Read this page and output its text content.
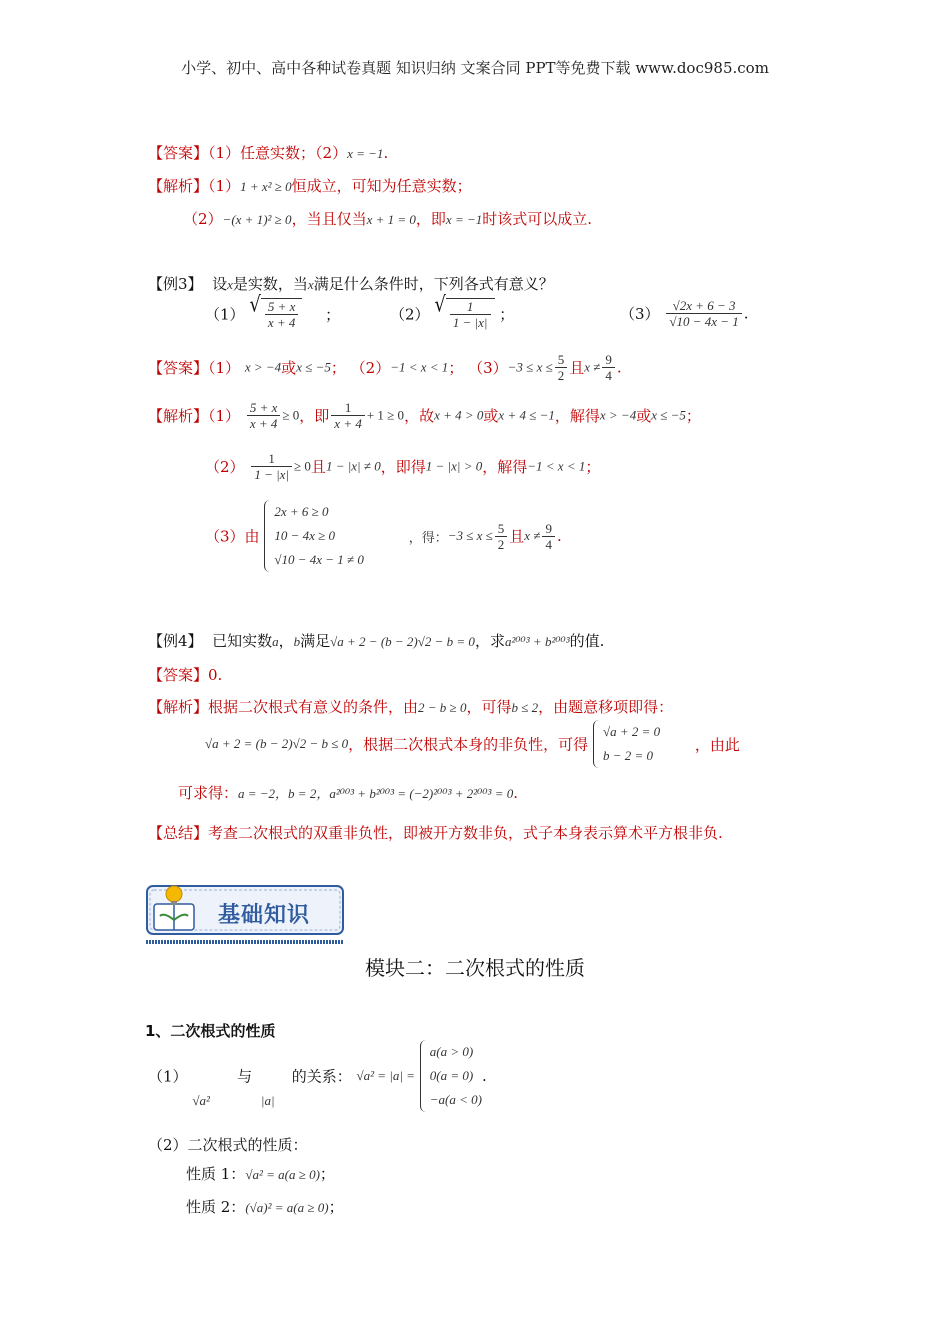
小学、初中、高中各种试卷真题 知识归纳 文案合同 PPT等免费下载 www.doc985.com
【答案】（1）任意实数；（2）x = −1.
【解析】（1）1 + x² ≥ 0恒成立，可知为任意实数；
（2）−(x + 1)² ≥ 0，当且仅当x + 1 = 0，即x = −1时该式可以成立.
【例3】 设x是实数，当x满足什么条件时，下列各式有意义？
（1） √ $\frac{5 + x}{x + 4}$ ；	（2） √ $\frac{1}{1 - |x|}$ ；	$(3) \frac{√2x + 6 - 3}{√10 - 4x - 1}$ .
【答案】（1） x > −4或x ≤ −5； （2）−1 < x < 1； $(3)-3 \le x \le \frac{5}{2}$ 且$x \ne \frac{9}{4}$ .
【解析】$(1) \frac{5 + x}{x + 4} \ge 0$，即 $\frac{1}{x + 4} + 1 \ge 0$，故x + 4 > 0或x + 4 ≤ −1，解得x > −4或x ≤ −5；
$(2) \frac{1}{1 - |x|} \ge 0$且1 − |x| ≠ 0，即得1 − |x| > 0，解得−1 < x < 1；
（3）由
2x + 6 ≥ 0
10 − 4x ≥ 0
√10 − 4x − 1 ≠ 0
，得：$-3 \le x \le \frac{5}{2}$ 且$x \ne \frac{9}{4}$ .
【例4】 已知实数a，b满足√a + 2 − (b − 2)√2 − b = 0，求a²⁰⁰³ + b²⁰⁰³的值.
【答案】0.
【解析】根据二次根式有意义的条件，由2 − b ≥ 0，可得b ≤ 2，由题意移项即得：
√a + 2 = (b − 2)√2 − b ≤ 0，根据二次根式本身的非负性，可得
√a + 2 = 0
b − 2 = 0
，由此
可求得：a = −2，b = 2，a²⁰⁰³ + b²⁰⁰³ = (−2)²⁰⁰³ + 2²⁰⁰³ = 0.
【总结】考查二次根式的双重非负性，即被开方数非负，式子本身表示算术平方根非负.
基础知识
模块二：二次根式的性质
1、二次根式的性质
（1）
√a²
与
|a|
的关系： √a² = |a| =
a(a > 0)
0(a = 0)
−a(a < 0)
.
（2）二次根式的性质：
性质 1：√a² = a(a ≥ 0)；
性质 2：(√a)² = a(a ≥ 0)；
